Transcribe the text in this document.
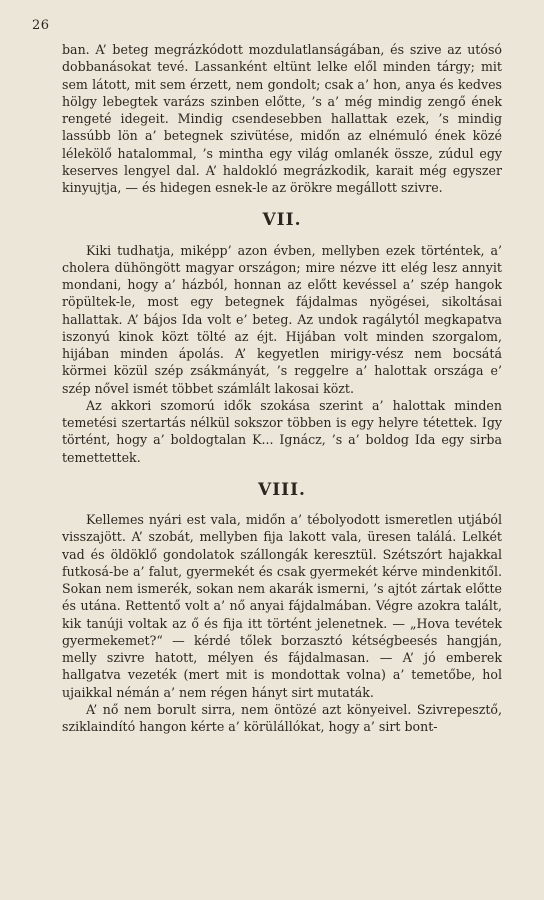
26

ban. A’ beteg megrázkódott mozdulatlanságában, és szive az utósó dobbanásokat tevé. Lassanként eltünt lelke elől minden tárgy; mit sem látott, mit sem érzett, nem gondolt; csak a’ hon, anya és kedves hölgy lebegtek varázs szinben előtte, ’s a’ még mindig zengő ének rengeté idegeit. Mindig csendesebben hallattak ezek, ’s mindig lassúbb lön a’ betegnek szivütése, midőn az elnémuló ének közé lélekölő hatalommal, ’s mintha egy világ omlanék össze, zúdul egy keserves lengyel dal. A’ haldokló megrázkodik, karait még egyszer kinyujtja, — és hidegen esnek-le az örökre megállott szivre.

VII.

Kiki tudhatja, miképp’ azon évben, mellyben ezek történtek, a’ cholera dühöngött magyar országon; mire nézve itt elég lesz annyit mondani, hogy a’ házból, honnan az előtt kevéssel a’ szép hangok röpültek-le, most egy betegnek fájdalmas nyögései, sikoltásai hallattak. A’ bájos Ida volt e’ beteg. Az undok ragálytól megkapatva iszonyú kinok közt tölté az éjt. Hijában volt minden szorgalom, hijában minden ápolás. A’ kegyetlen mirigy-vész nem bocsátá körmei közül szép zsákmányát, ’s reggelre a’ halottak országa e’ szép nővel ismét többet számlált lakosai közt.

Az akkori szomorú idők szokása szerint a’ halottak minden temetési szertartás nélkül sokszor többen is egy helyre tétettek. Igy történt, hogy a’ boldogtalan K... Ignácz, ’s a’ boldog Ida egy sirba temettettek.

VIII.

Kellemes nyári est vala, midőn a’ tébolyodott ismeretlen utjából visszajött. A’ szobát, mellyben fija lakott vala, üresen találá. Lelkét vad és öldöklő gondolatok szállongák keresztül. Szétszórt hajakkal futkosá-be a’ falut, gyermekét és csak gyermekét kérve mindenkitől. Sokan nem ismerék, sokan nem akarák ismerni, ’s ajtót zártak előtte és utána. Rettentő volt a’ nő anyai fájdalmában. Végre azokra talált, kik tanúji voltak az ő és fija itt történt jelenetnek. — „Hova tevétek gyermekemet?“ — kérdé tőlek borzasztó kétségbeesés hangján, melly szivre hatott, mélyen és fájdalmasan. — A’ jó emberek hallgatva vezeték (mert mit is mondottak volna) a’ temetőbe, hol ujaikkal némán a’ nem régen hányt sirt mutaták.

A’ nő nem borult sirra, nem öntözé azt könyeivel. Szivrepesztő, sziklaindító hangon kérte a’ körülállókat, hogy a’ sirt bont-
